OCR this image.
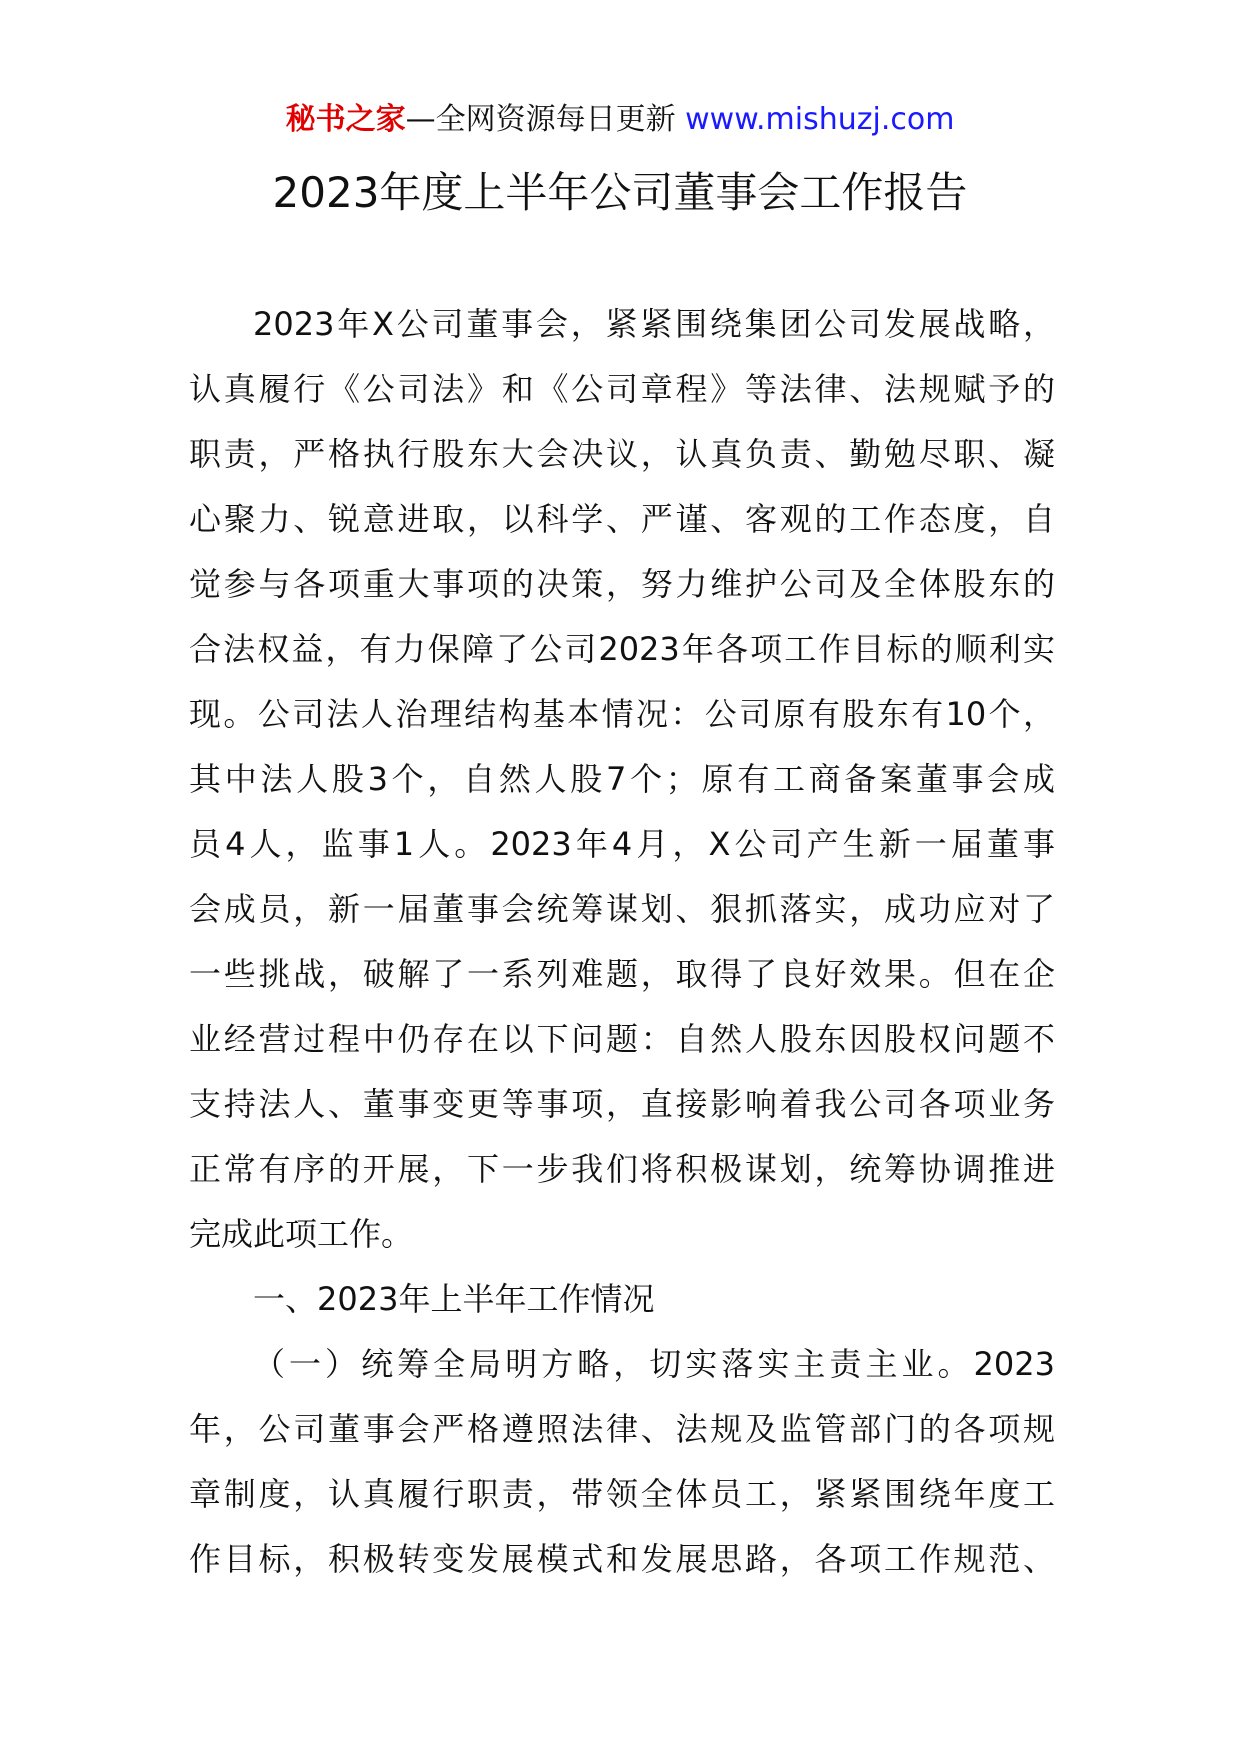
秘书之家—全网资源每日更新 www.mishuzj.com
2023年度上半年公司董事会工作报告
2023年X公司董事会，紧紧围绕集团公司发展战略，
认真履行《公司法》和《公司章程》等法律、法规赋予的
职责，严格执行股东大会决议，认真负责、勤勉尽职、凝
心聚力、锐意进取，以科学、严谨、客观的工作态度，自
觉参与各项重大事项的决策，努力维护公司及全体股东的
合法权益，有力保障了公司2023年各项工作目标的顺利实
现。公司法人治理结构基本情况：公司原有股东有10个，
其中法人股3个，自然人股7个；原有工商备案董事会成
员4人，监事1人。2023年4月，X公司产生新一届董事
会成员，新一届董事会统筹谋划、狠抓落实，成功应对了
一些挑战，破解了一系列难题，取得了良好效果。但在企
业经营过程中仍存在以下问题：自然人股东因股权问题不
支持法人、董事变更等事项，直接影响着我公司各项业务
正常有序的开展，下一步我们将积极谋划，统筹协调推进
完成此项工作。
一、2023年上半年工作情况
（一）统筹全局明方略，切实落实主责主业。2023
年，公司董事会严格遵照法律、法规及监管部门的各项规
章制度，认真履行职责，带领全体员工，紧紧围绕年度工
作目标，积极转变发展模式和发展思路，各项工作规范、
